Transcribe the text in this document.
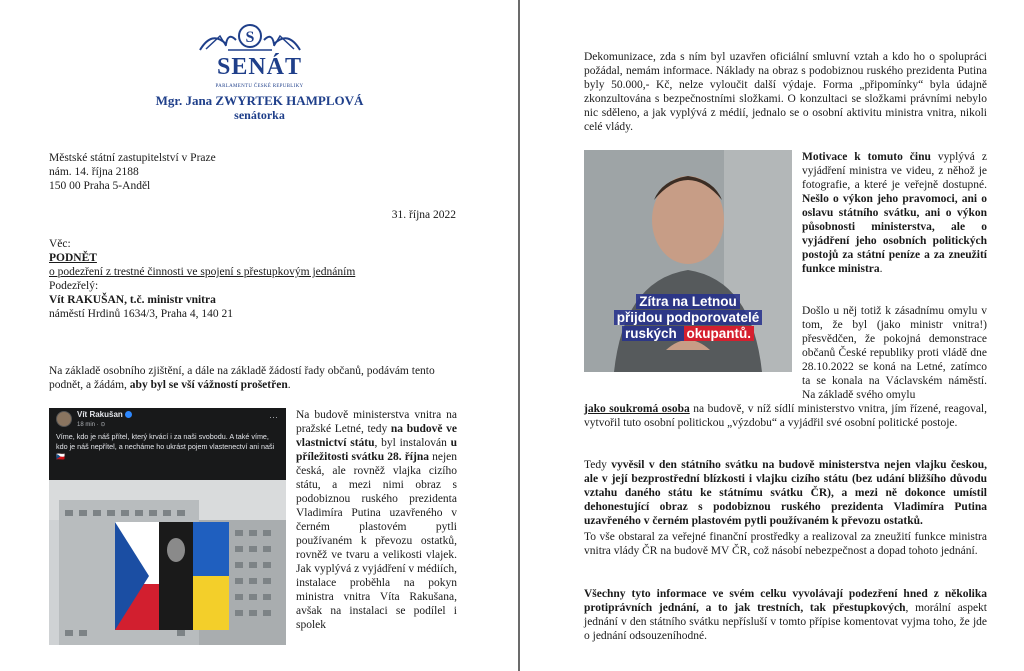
S
SENÁT
PARLAMENTU ČESKÉ REPUBLIKY
Mgr. Jana ZWYRTEK HAMPLOVÁ
senátorka
Městské státní zastupitelství v Praze
nám. 14. října 2188
150 00 Praha 5-Anděl
31. října 2022
Věc:
PODNĚT
o podezření z trestné činnosti ve spojení s přestupkovým jednáním
Podezřelý:
Vít RAKUŠAN, t.č. ministr vnitra
náměstí Hrdinů 1634/3, Praha 4, 140 21
Na základě osobního zjištění, a dále na základě žádostí řady občanů, podávám tento
podnět, a žádám, aby byl se vší vážností prošetřen.
Vít Rakušan
18 min · ⊙
···
Víme, kdo je náš přítel, který krvácí i za naši svobodu. A také víme, kdo je náš nepřítel, a necháme ho ukrást pojem vlastenectví ani naši 🇨🇿
Na budově ministerstva vnitra na pražské Letné, tedy na budově ve vlastnictví státu, byl instalován u příležitosti svátku 28. října nejen česká, ale rovněž vlajka cizího státu, a mezi nimi obraz s podobiznou ruského prezidenta Vladimíra Putina uzavřeného v černém plastovém pytli používaném k převozu ostatků, rovněž ve tvaru a velikosti vlajek. Jak vyplývá z vyjádření v médiích, instalace proběhla na pokyn ministra vnitra Víta Rakušana, avšak na instalaci se podílel i spolek
Dekomunizace, zda s ním byl uzavřen oficiální smluvní vztah a kdo ho o spolupráci požádal, nemám informace. Náklady na obraz s podobiznou ruského prezidenta Putina byly 50.000,- Kč, nelze vyloučit další výdaje. Forma „připomínky“ byla údajně zkonzultována s bezpečnostními složkami. O konzultaci se složkami právními nebylo nic sděleno, a jak vyplývá z médií, jednalo se o osobní aktivitu ministra vnitra, nikoli celé vlády.
Zítra na Letnou
přijdou podporovatelé
ruských okupantů.
Motivace k tomuto činu vyplývá z vyjádření ministra ve videu, z něhož je fotografie, a které je veřejně dostupné. Nešlo o výkon jeho pravomoci, ani o oslavu státního svátku, ani o výkon působnosti ministerstva, ale o vyjádření jeho osobních politických postojů za státní peníze a za zneužití funkce ministra.
Došlo u něj totiž k zásadnímu omylu v tom, že byl (jako ministr vnitra!) přesvědčen, že pokojná demonstrace občanů České republiky proti vládě dne 28.10.2022 se koná na Letné, zatímco ta se konala na Václavském náměstí. Na základě svého omylu
jako soukromá osoba na budově, v níž sídlí ministerstvo vnitra, jím řízené, reagoval, vytvořil tuto osobní politickou „výzdobu“ a vyjádřil své osobní politické postoje.
Tedy vyvěsil v den státního svátku na budově ministerstva nejen vlajku českou, ale v její bezprostřední blízkosti i vlajku cizího státu (bez udání bližšího důvodu vztahu daného státu ke státnímu svátku ČR), a mezi ně dokonce umístil dehonestující obraz s podobiznou ruského prezidenta Vladimíra Putina uzavřeného v černém plastovém pytli používaném k převozu ostatků.
To vše obstaral za veřejné finanční prostředky a realizoval za zneužití funkce ministra vnitra vlády ČR na budově MV ČR, což násobí nebezpečnost a dopad tohoto jednání.
Všechny tyto informace ve svém celku vyvolávají podezření hned z několika protiprávních jednání, a to jak trestních, tak přestupkových, morální aspekt jednání v den státního svátku nepřísluší v tomto přípise komentovat vyjma toho, že jde o jednání odsouzeníhodné.
